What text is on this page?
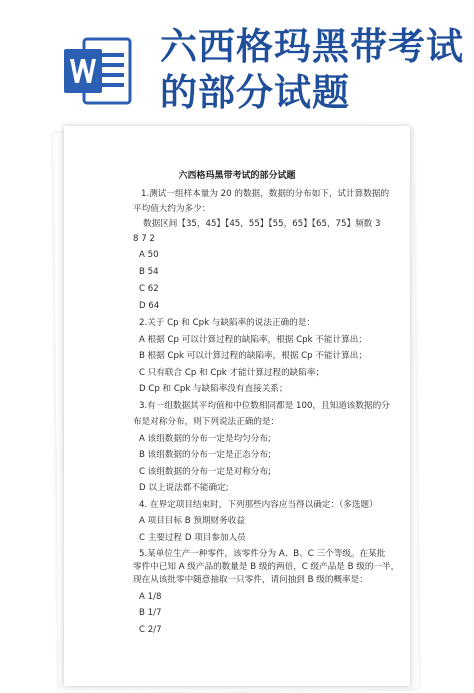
六西格玛黑带考试
的部分试题
六西格玛黑带考试的部分试题
1.测试一组样本量为 20 的数据，数据的分布如下，试计算数据的
平均值大约为多少：
数据区间【35，45】【45，55】【55，65】【65，75】频数 3
8 7 2
A 50
B 54
C 62
D 64
2.关于 Cp 和 Cpk 与缺陷率的说法正确的是：
A 根据 Cp 可以计算过程的缺陷率，根据 Cpk 不能计算出；
B 根据 Cpk 可以计算过程的缺陷率，根据 Cp 不能计算出；
C 只有联合 Cp 和 Cpk 才能计算过程的缺陷率；
D Cp 和 Cpk 与缺陷率没有直接关系；
3.有一组数据其平均值和中位数相同都是 100，且知道该数据的分
布是对称分布，则下列说法正确的是：
A 该组数据的分布一定是均匀分布;
B 该组数据的分布一定是正态分布;
C 该组数据的分布一定是对称分布;
D 以上说法都不能确定;
4. 在界定项目结束时，下列那些内容应当得以确定：（多选题）
A 项目目标 B 预期财务收益
C 主要过程 D 项目参加人员
5.某单位生产一种零件，该零件分为 A、B、C 三个等级。在某批
零件中已知 A 级产品的数量是 B 级的两倍，C 级产品是 B 级的一半，
现在从该批零中随意抽取一只零件，请问抽到 B 级的概率是：
A 1/8
B 1/7
C 2/7
